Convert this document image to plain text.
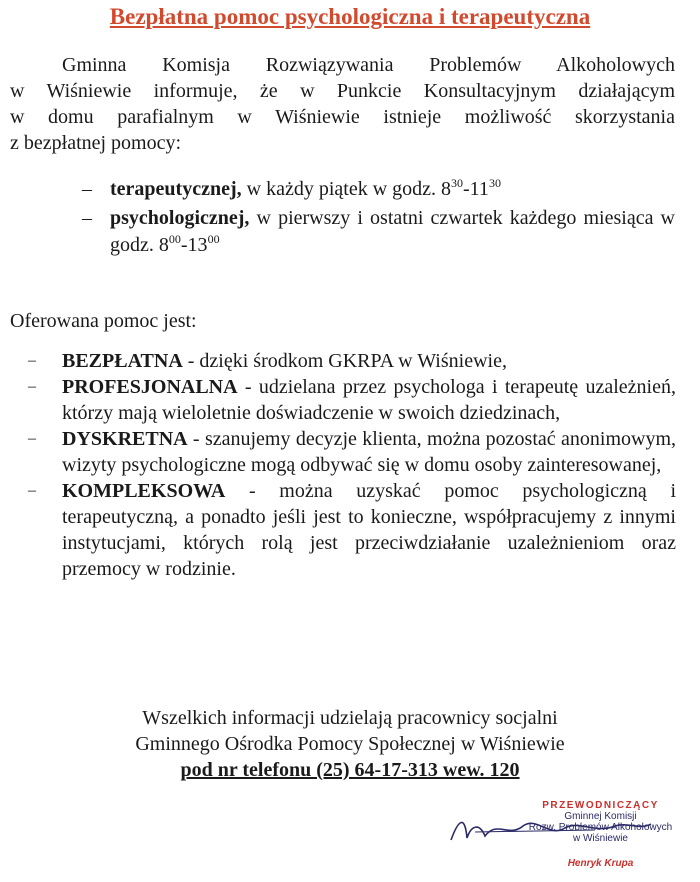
Bezpłatna pomoc psychologiczna i terapeutyczna
Gminna Komisja Rozwiązywania Problemów Alkoholowych
w Wiśniewie informuje, że w Punkcie Konsultacyjnym działającym
w domu parafialnym w Wiśniewie istnieje możliwość skorzystania
z bezpłatnej pomocy:
– terapeutycznej, w każdy piątek w godz. $8^{30}-11^{30}$
– psychologicznej, w pierwszy i ostatni czwartek każdego miesiąca w godz. $8^{00}-13^{00}$
Oferowana pomoc jest:
– BEZPŁATNA - dzięki środkom GKRPA w Wiśniewie,
– PROFESJONALNA - udzielana przez psychologa i terapeutę uzależnień, którzy mają wieloletnie doświadczenie w swoich dziedzinach,
– DYSKRETNA - szanujemy decyzje klienta, można pozostać anonimowym, wizyty psychologiczne mogą odbywać się w domu osoby zainteresowanej,
– KOMPLEKSOWA - można uzyskać pomoc psychologiczną i terapeutyczną, a ponadto jeśli jest to konieczne, współpracujemy z innymi instytucjami, których rolą jest przeciwdziałanie uzależnieniom oraz przemocy w rodzinie.
Wszelkich informacji udzielają pracownicy socjalni
Gminnego Ośrodka Pomocy Społecznej w Wiśniewie
pod nr telefonu (25) 64-17-313 wew. 120
PRZEWODNICZĄCY
Gminnej Komisji
Rozw. Problemów Alkoholowych
w Wiśniewie
Henryk Krupa
